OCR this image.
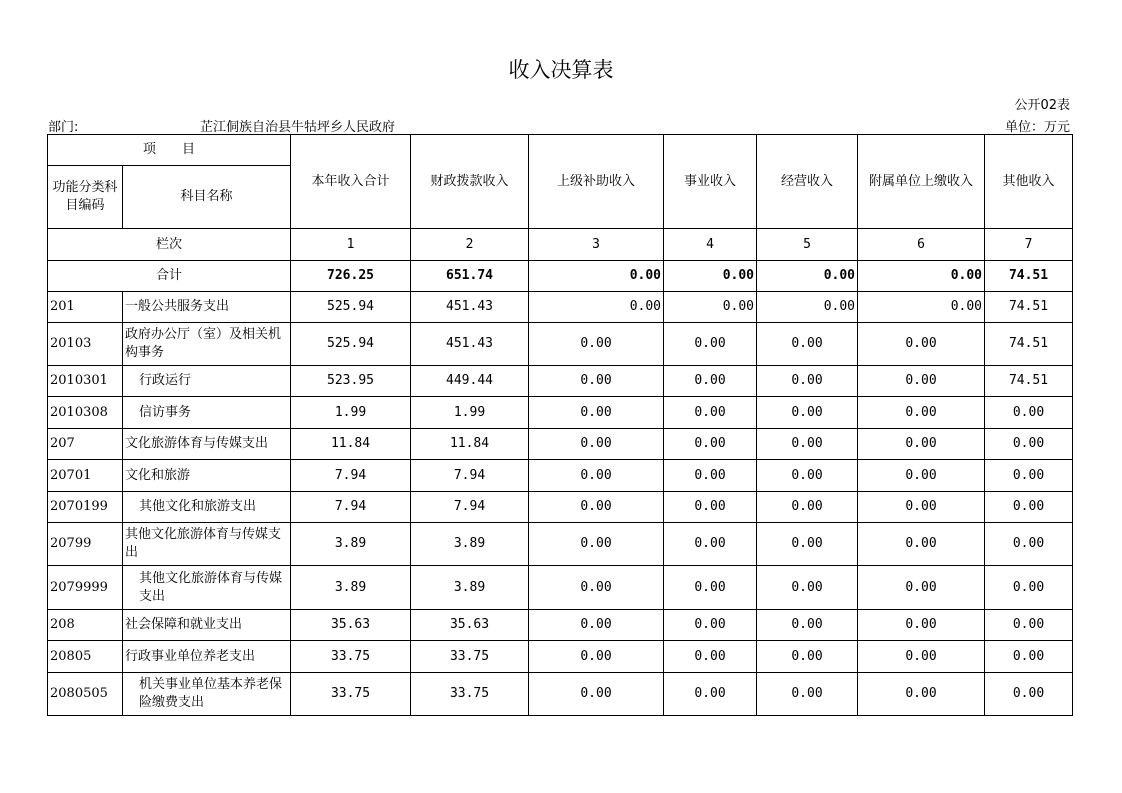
收入决算表
公开02表
部门:	芷江侗族自治县牛牯坪乡人民政府	单位：万元
项　　目		本年收入合计	财政拨款收入	上级补助收入	事业收入	经营收入	附属单位上缴收入	其他收入
功能分类科目编码	科目名称							
栏次		1	2	3	4	5	6	7
合计		726.25	651.74	0.00	0.00	0.00	0.00	74.51
201	一般公共服务支出	525.94	451.43	0.00	0.00	0.00	0.00	74.51
20103	政府办公厅（室）及相关机构事务	525.94	451.43	0.00	0.00	0.00	0.00	74.51
2010301	行政运行	523.95	449.44	0.00	0.00	0.00	0.00	74.51
2010308	信访事务	1.99	1.99	0.00	0.00	0.00	0.00	0.00
207	文化旅游体育与传媒支出	11.84	11.84	0.00	0.00	0.00	0.00	0.00
20701	文化和旅游	7.94	7.94	0.00	0.00	0.00	0.00	0.00
2070199	其他文化和旅游支出	7.94	7.94	0.00	0.00	0.00	0.00	0.00
20799	其他文化旅游体育与传媒支出	3.89	3.89	0.00	0.00	0.00	0.00	0.00
2079999	其他文化旅游体育与传媒支出	3.89	3.89	0.00	0.00	0.00	0.00	0.00
208	社会保障和就业支出	35.63	35.63	0.00	0.00	0.00	0.00	0.00
20805	行政事业单位养老支出	33.75	33.75	0.00	0.00	0.00	0.00	0.00
2080505	机关事业单位基本养老保险缴费支出	33.75	33.75	0.00	0.00	0.00	0.00	0.00
